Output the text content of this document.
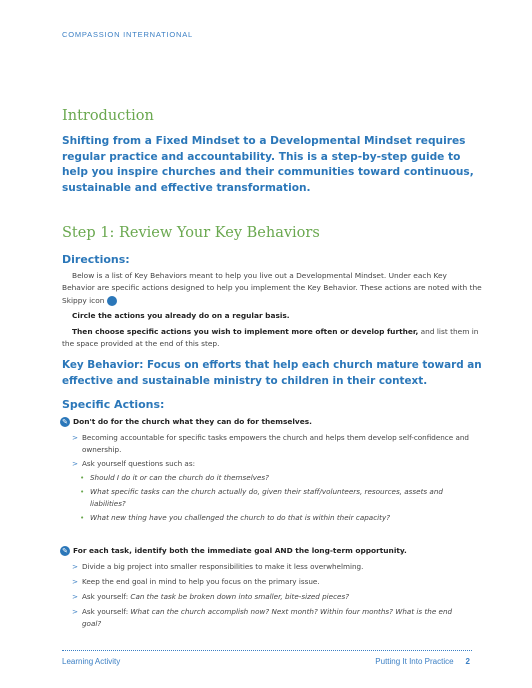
COMPASSION INTERNATIONAL
Introduction
Shifting from a Fixed Mindset to a Developmental Mindset requires regular practice and accountability. This is a step-by-step guide to help you inspire churches and their communities toward continuous, sustainable and effective transformation.
Step 1: Review Your Key Behaviors
Directions:

Below is a list of Key Behaviors meant to help you live out a Developmental Mindset. Under each Key Behavior are specific actions designed to help you implement the Key Behavior. These actions are noted with the Skippy icon ✎

Circle the actions you already do on a regular basis.

Then choose specific actions you wish to implement more often or develop further, and list them in the space provided at the end of this step.

Key Behavior: Focus on efforts that help each church mature toward an effective and sustainable ministry to children in their context.
Specific Actions:
✎ Don't do for the church what they can do for themselves.
> Becoming accountable for specific tasks empowers the church and helps them develop self-confidence and ownership.
> Ask yourself questions such as:
• Should I do it or can the church do it themselves?
• What specific tasks can the church actually do, given their staff/volunteers, resources, assets and liabilities?
• What new thing have you challenged the church to do that is within their capacity?
✎ For each task, identify both the immediate goal AND the long-term opportunity.
> Divide a big project into smaller responsibilities to make it less overwhelming.
> Keep the end goal in mind to help you focus on the primary issue.
> Ask yourself: Can the task be broken down into smaller, bite-sized pieces?
> Ask yourself: What can the church accomplish now? Next month? Within four months? What is the end goal?
Learning Activity	Putting It Into Practice 2
